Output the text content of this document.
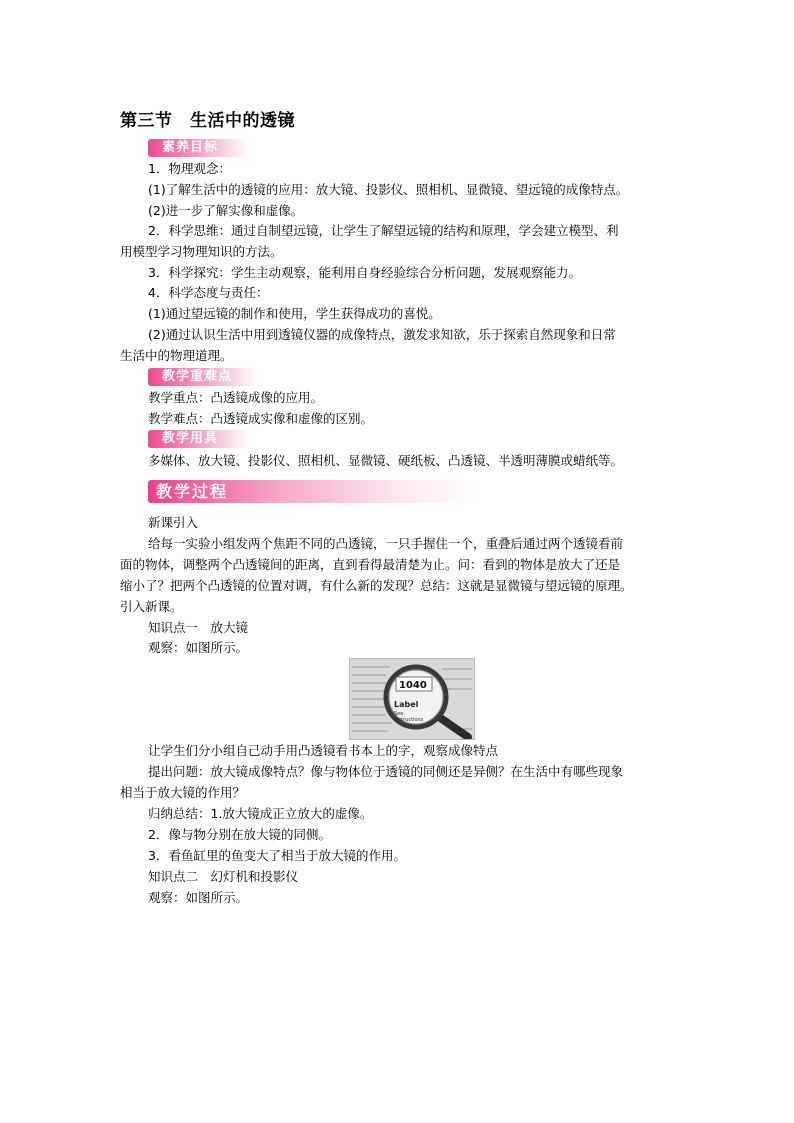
第三节　生活中的透镜
素养目标
1．物理观念：
(1)了解生活中的透镜的应用：放大镜、投影仪、照相机、显微镜、望远镜的成像特点。
(2)进一步了解实像和虚像。
2．科学思维：通过自制望远镜，让学生了解望远镜的结构和原理，学会建立模型、利
用模型学习物理知识的方法。
3．科学探究：学生主动观察，能利用自身经验综合分析问题，发展观察能力。
4．科学态度与责任：
(1)通过望远镜的制作和使用，学生获得成功的喜悦。
(2)通过认识生活中用到透镜仪器的成像特点，激发求知欲，乐于探索自然现象和日常
生活中的物理道理。
教学重难点
教学重点：凸透镜成像的应用。
教学难点：凸透镜成实像和虚像的区别。
教学用具
多媒体、放大镜、投影仪、照相机、显微镜、硬纸板、凸透镜、半透明薄膜或蜡纸等。
教学过程
新课引入
给每一实验小组发两个焦距不同的凸透镜，一只手握住一个，重叠后通过两个透镜看前
面的物体，调整两个凸透镜间的距离，直到看得最清楚为止。问：看到的物体是放大了还是
缩小了？把两个凸透镜的位置对调，有什么新的发现？总结：这就是显微镜与望远镜的原理。
引入新课。
知识点一　放大镜
观察：如图所示。
1040
Label
See
instructions
让学生们分小组自己动手用凸透镜看书本上的字，观察成像特点
提出问题：放大镜成像特点？像与物体位于透镜的同侧还是异侧？在生活中有哪些现象
相当于放大镜的作用？
归纳总结：1.放大镜成正立放大的虚像。
2．像与物分别在放大镜的同侧。
3．看鱼缸里的鱼变大了相当于放大镜的作用。
知识点二　幻灯机和投影仪
观察：如图所示。
